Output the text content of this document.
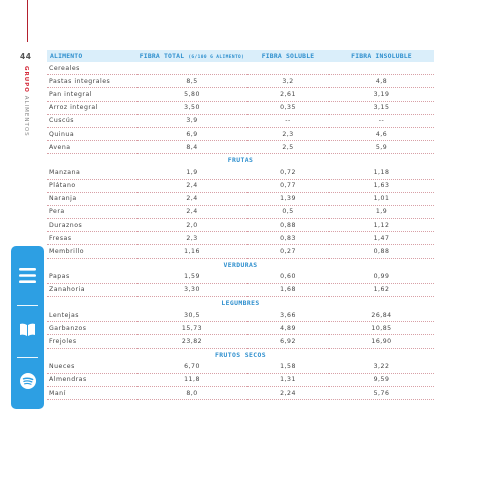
44
GRUPO ALIMENTOS
ALIMENTO	FIBRA TOTAL (G/100 G ALIMENTO)	FIBRA SOLUBLE	FIBRA INSOLUBLE
Cereales			
Pastas integrales	8,5	3,2	4,8
Pan integral	5,80	2,61	3,19
Arroz integral	3,50	0,35	3,15
Cuscús	3,9	--	--
Quinua	6,9	2,3	4,6
Avena	8,4	2,5	5,9
FRUTAS			
Manzana	1,9	0,72	1,18
Plátano	2,4	0,77	1,63
Naranja	2,4	1,39	1,01
Pera	2,4	0,5	1,9
Duraznos	2,0	0,88	1,12
Fresas	2,3	0,83	1,47
Membrillo	1,16	0,27	0,88
VERDURAS			
Papas	1,59	0,60	0,99
Zanahoria	3,30	1,68	1,62
LEGUMBRES			
Lentejas	30,5	3,66	26,84
Garbanzos	15,73	4,89	10,85
Frejoles	23,82	6,92	16,90
FRUTOS SECOS			
Nueces	6,70	1,58	3,22
Almendras	11,8	1,31	9,59
Maní	8,0	2,24	5,76
